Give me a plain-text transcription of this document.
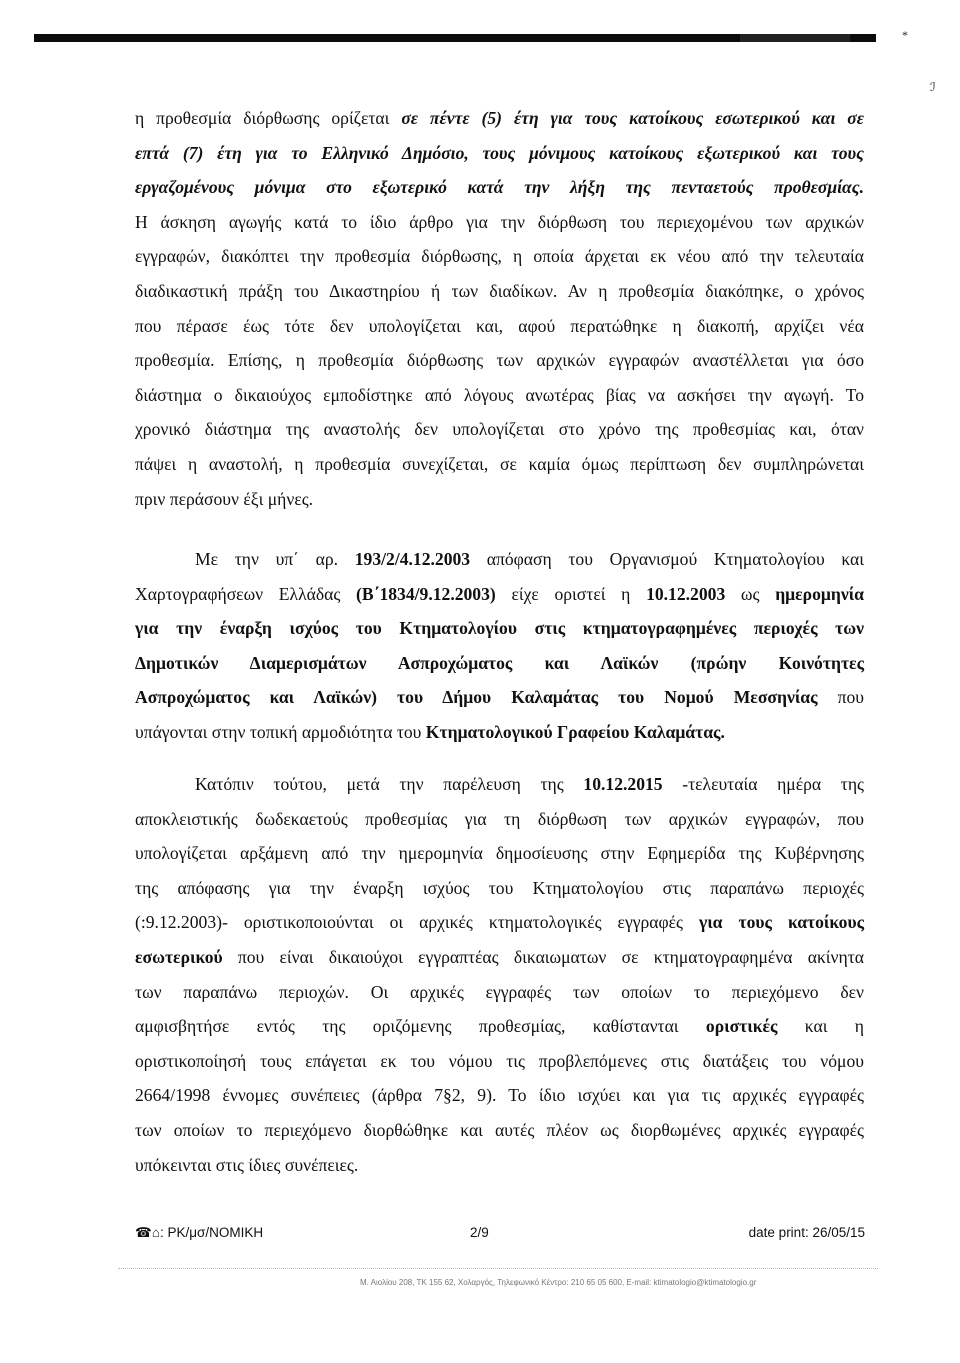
*
ℐ

η προθεσμία διόρθωσης ορίζεται σε πέντε (5) έτη για τους κατοίκους εσωτερικού και σε

επτά (7) έτη για το Ελληνικό Δημόσιο, τους μόνιμους κατοίκους εξωτερικού και τους

εργαζομένους μόνιμα στο εξωτερικό κατά την λήξη της πενταετούς προθεσμίας.

Η άσκηση αγωγής κατά το ίδιο άρθρο για την διόρθωση του περιεχομένου των αρχικών

εγγραφών, διακόπτει την προθεσμία διόρθωσης, η οποία άρχεται εκ νέου από την τελευταία

διαδικαστική πράξη του Δικαστηρίου ή των διαδίκων. Αν η προθεσμία διακόπηκε, ο χρόνος

που πέρασε έως τότε δεν υπολογίζεται και, αφού περατώθηκε η διακοπή, αρχίζει νέα

προθεσμία. Επίσης, η προθεσμία διόρθωσης των αρχικών εγγραφών αναστέλλεται για όσο

διάστημα ο δικαιούχος εμποδίστηκε από λόγους ανωτέρας βίας να ασκήσει την αγωγή. Το

χρονικό διάστημα της αναστολής δεν υπολογίζεται στο χρόνο της προθεσμίας και, όταν

πάψει η αναστολή, η προθεσμία συνεχίζεται, σε καμία όμως περίπτωση δεν συμπληρώνεται

πριν περάσουν έξι μήνες.

Με την υπ΄ αρ. 193/2/4.12.2003 απόφαση του Οργανισμού Κτηματολογίου και

Χαρτογραφήσεων Ελλάδας (Β΄1834/9.12.2003) είχε οριστεί η 10.12.2003 ως ημερομηνία

για την έναρξη ισχύος του Κτηματολογίου στις κτηματογραφημένες περιοχές των

Δημοτικών Διαμερισμάτων Ασπροχώματος και Λαϊκών (πρώην Κοινότητες

Ασπροχώματος και Λαϊκών) του Δήμου Καλαμάτας του Νομού Μεσσηνίας που

υπάγονται στην τοπική αρμοδιότητα του Κτηματολογικού Γραφείου Καλαμάτας.

Κατόπιν τούτου, μετά την παρέλευση της 10.12.2015 -τελευταία ημέρα της

αποκλειστικής δωδεκαετούς προθεσμίας για τη διόρθωση των αρχικών εγγραφών, που

υπολογίζεται αρξάμενη από την ημερομηνία δημοσίευσης στην Εφημερίδα της Κυβέρνησης

της απόφασης για την έναρξη ισχύος του Κτηματολογίου στις παραπάνω περιοχές

(:9.12.2003)- οριστικοποιούνται οι αρχικές κτηματολογικές εγγραφές για τους κατοίκους

εσωτερικού που είναι δικαιούχοι εγγραπτέας δικαιωματων σε κτηματογραφημένα ακίνητα

των παραπάνω περιοχών. Οι αρχικές εγγραφές των οποίων το περιεχόμενο δεν

αμφισβητήσε εντός της οριζόμενης προθεσμίας, καθίστανται οριστικές και η

οριστικοποίησή τους επάγεται εκ του νόμου τις προβλεπόμενες στις διατάξεις του νόμου

2664/1998 έννομες συνέπειες (άρθρα 7§2, 9). Το ίδιο ισχύει και για τις αρχικές εγγραφές

των οποίων το περιεχόμενο διορθώθηκε και αυτές πλέον ως διορθωμένες αρχικές εγγραφές

υπόκεινται στις ίδιες συνέπειες.

☎⌂: ΡΚ/μσ/ΝΟΜΙΚΗ	2/9	date print: 26/05/15
Μ. Αιολίου 208, ΤΚ 155 62, Χολαργός, Τηλεφωνικό Κέντρο: 210 65 05 600, E-mail: ktimatologio@ktimatologio.gr
